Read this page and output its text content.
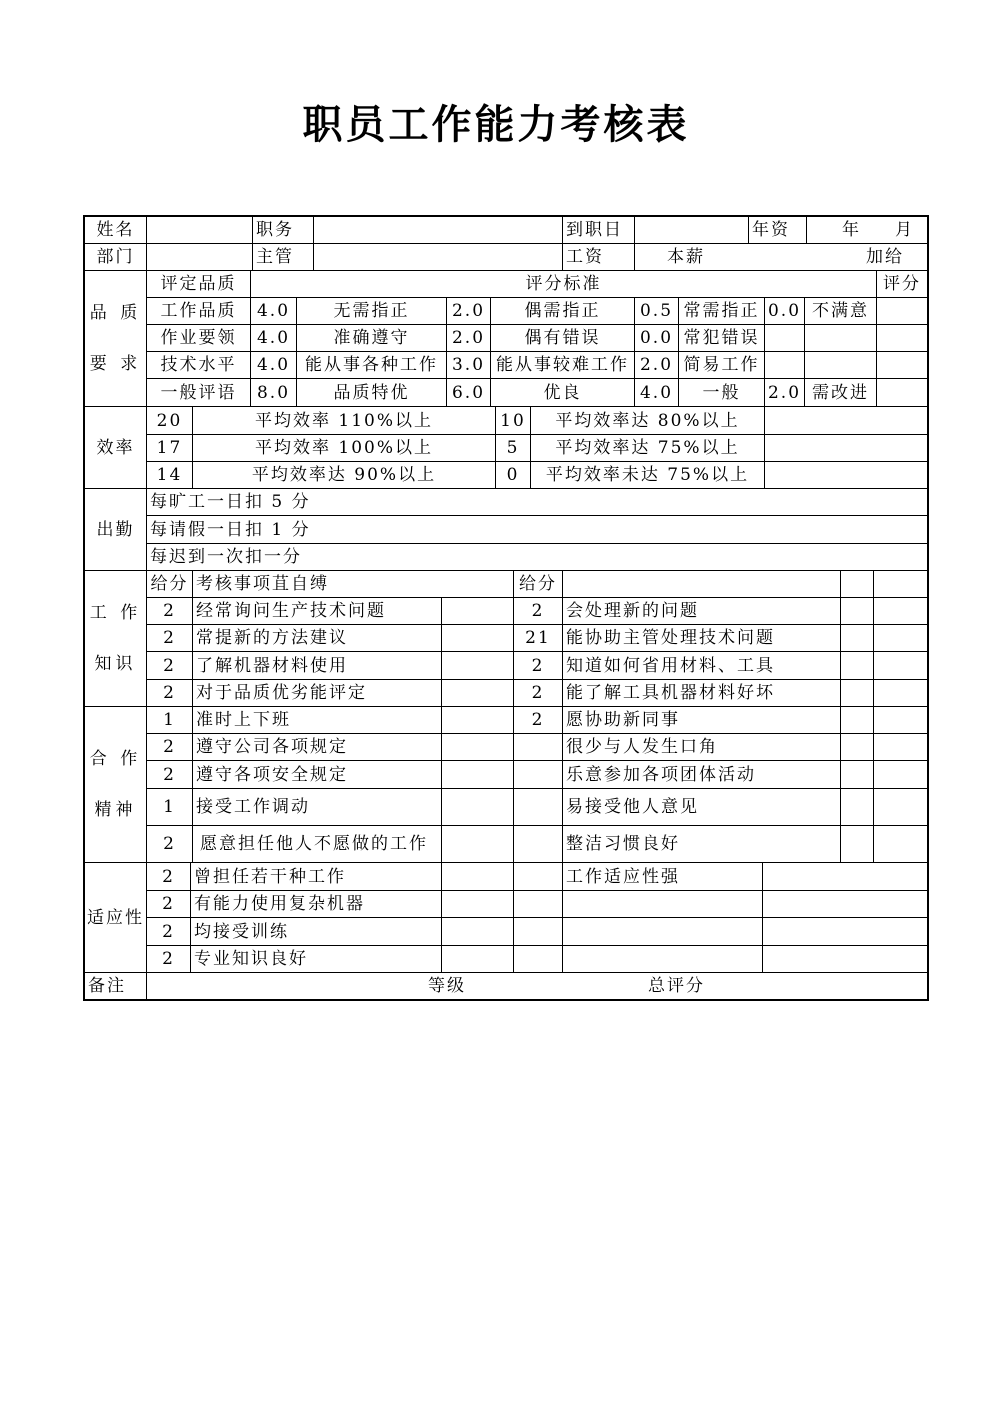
职员工作能力考核表
姓名	职务	到职日	年资	年 月
部门	主管	工资	本薪	加给
品 质
要 求
评定品质	评分标准	评分
工作品质	4.0	无需指正	2.0	偶需指正	0.5 常需指正 0.0 不满意
作业要领	4.0	准确遵守	2.0	偶有错误	0.0 常犯错误
技术水平	4.0 能从事各种工作 3.0 能从事较难工作 2.0 简易工作
一般评语	8.0	品质特优	6.0	优良	4.0	一般	2.0 需改进
效率
20	平均效率 110%以上	10	平均效率达 80%以上
17	平均效率 100%以上	5	平均效率达 75%以上
14	平均效率达 90%以上	0	平均效率未达 75%以上
出勤
每旷工一日扣 5 分
每请假一日扣 1 分
每迟到一次扣一分
工 作
知识
给分 考核事项苴自缚	给分
2	经常询问生产技术问题	2	会处理新的问题
2	常提新的方法建议	21 能协助主管处理技术问题
2	了解机器材料使用	2	知道如何省用材料、工具
2	对于品质优劣能评定	2	能了解工具机器材料好坏
合 作
精神
1	准时上下班	2	愿协助新同事
2	遵守公司各项规定	很少与人发生口角
2	遵守各项安全规定	乐意参加各项团体活动
1	接受工作调动	易接受他人意见
2	愿意担任他人不愿做的工作	整洁习惯良好
适应性
2	曾担任若干种工作	工作适应性强
2	有能力使用复杂机器
2	均接受训练
2	专业知识良好
备注	等级	总评分
